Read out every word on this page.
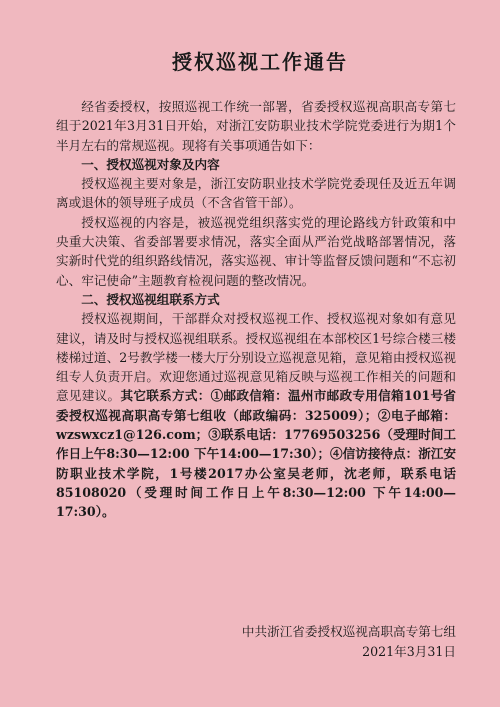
授权巡视工作通告

经省委授权，按照巡视工作统一部署，省委授权巡视高职高专第七组于2021年3月31日开始，对浙江安防职业技术学院党委进行为期1个半月左右的常规巡视。现将有关事项通告如下：

一、授权巡视对象及内容

授权巡视主要对象是，浙江安防职业技术学院党委现任及近五年调离或退休的领导班子成员（不含省管干部）。

授权巡视的内容是，被巡视党组织落实党的理论路线方针政策和中央重大决策、省委部署要求情况，落实全面从严治党战略部署情况，落实新时代党的组织路线情况，落实巡视、审计等监督反馈问题和“不忘初心、牢记使命”主题教育检视问题的整改情况。

二、授权巡视组联系方式

授权巡视期间，干部群众对授权巡视工作、授权巡视对象如有意见建议，请及时与授权巡视组联系。授权巡视组在本部校区1号综合楼三楼楼梯过道、2号教学楼一楼大厅分别设立巡视意见箱，意见箱由授权巡视组专人负责开启。欢迎您通过巡视意见箱反映与巡视工作相关的问题和意见建议。其它联系方式：①邮政信箱：温州市邮政专用信箱101号省委授权巡视高职高专第七组收（邮政编码：325009）；②电子邮箱：wzswxcz1@126.com；③联系电话：17769503256（受理时间工作日上午8:30—12:00 下午14:00—17:30）；④信访接待点：浙江安防职业技术学院，1号楼2017办公室吴老师，沈老师，联系电话85108020（受理时间工作日上午8:30—12:00 下午14:00—17:30）。

中共浙江省委授权巡视高职高专第七组
2021年3月31日
